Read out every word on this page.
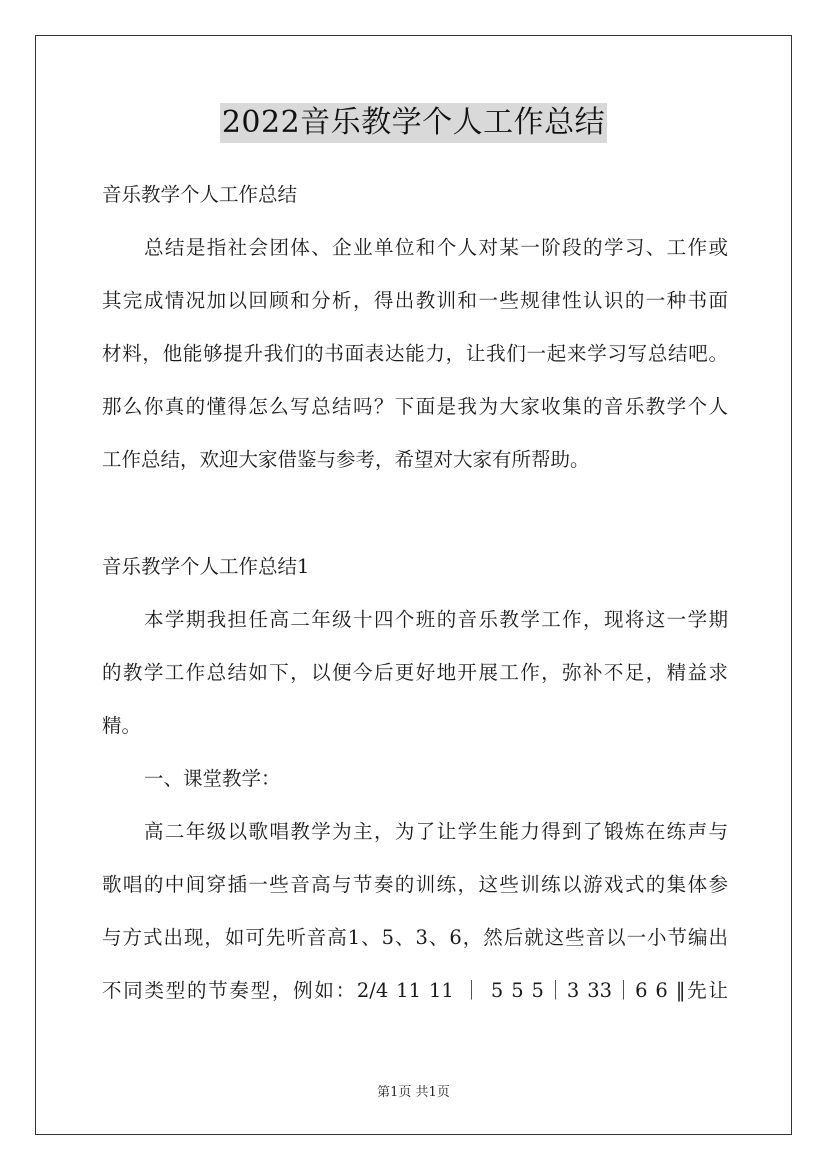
2022音乐教学个人工作总结
音乐教学个人工作总结
总结是指社会团体、企业单位和个人对某一阶段的学习、工作或
其完成情况加以回顾和分析，得出教训和一些规律性认识的一种书面
材料，他能够提升我们的书面表达能力，让我们一起来学习写总结吧。
那么你真的懂得怎么写总结吗？下面是我为大家收集的音乐教学个人
工作总结，欢迎大家借鉴与参考，希望对大家有所帮助。
音乐教学个人工作总结1
本学期我担任高二年级十四个班的音乐教学工作，现将这一学期
的教学工作总结如下，以便今后更好地开展工作，弥补不足，精益求
精。
一、课堂教学：
高二年级以歌唱教学为主，为了让学生能力得到了锻炼在练声与
歌唱的中间穿插一些音高与节奏的训练，这些训练以游戏式的集体参
与方式出现，如可先听音高1、5、3、6，然后就这些音以一小节编出
不同类型的节奏型，例如：2/4 11 11 ｜ 5 5 5｜3 33｜6 6 ‖先让
第1页 共1页
